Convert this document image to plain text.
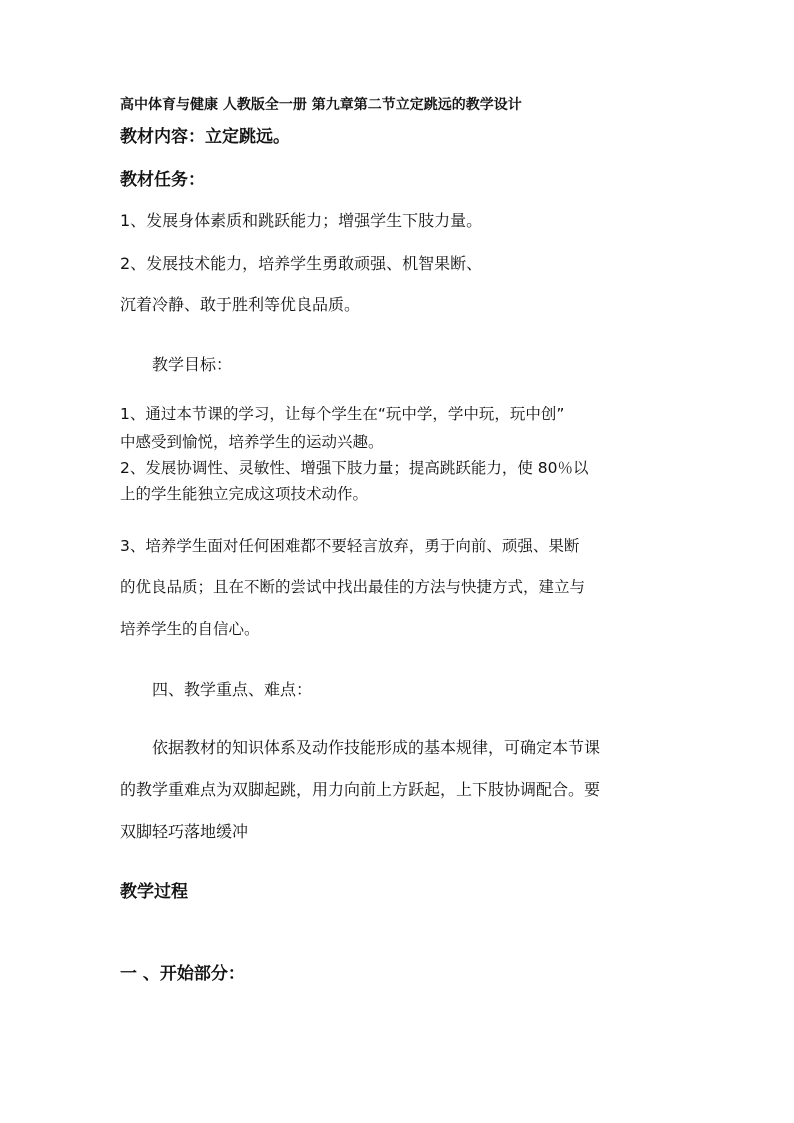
高中体育与健康 人教版全一册 第九章第二节立定跳远的教学设计
教材内容：立定跳远。
教材任务：
1、发展身体素质和跳跃能力；增强学生下肢力量。
2、发展技术能力，培养学生勇敢顽强、机智果断、
沉着冷静、敢于胜利等优良品质。
教学目标：
1、通过本节课的学习，让每个学生在“玩中学，学中玩，玩中创”
中感受到愉悦，培养学生的运动兴趣。
2、发展协调性、灵敏性、增强下肢力量；提高跳跃能力，使 80％以
上的学生能独立完成这项技术动作。
3、培养学生面对任何困难都不要轻言放弃，勇于向前、顽强、果断
的优良品质；且在不断的尝试中找出最佳的方法与快捷方式，建立与
培养学生的自信心。
四、教学重点、难点：
依据教材的知识体系及动作技能形成的基本规律，可确定本节课
的教学重难点为双脚起跳，用力向前上方跃起，上下肢协调配合。要
双脚轻巧落地缓冲
教学过程
一 、开始部分：
